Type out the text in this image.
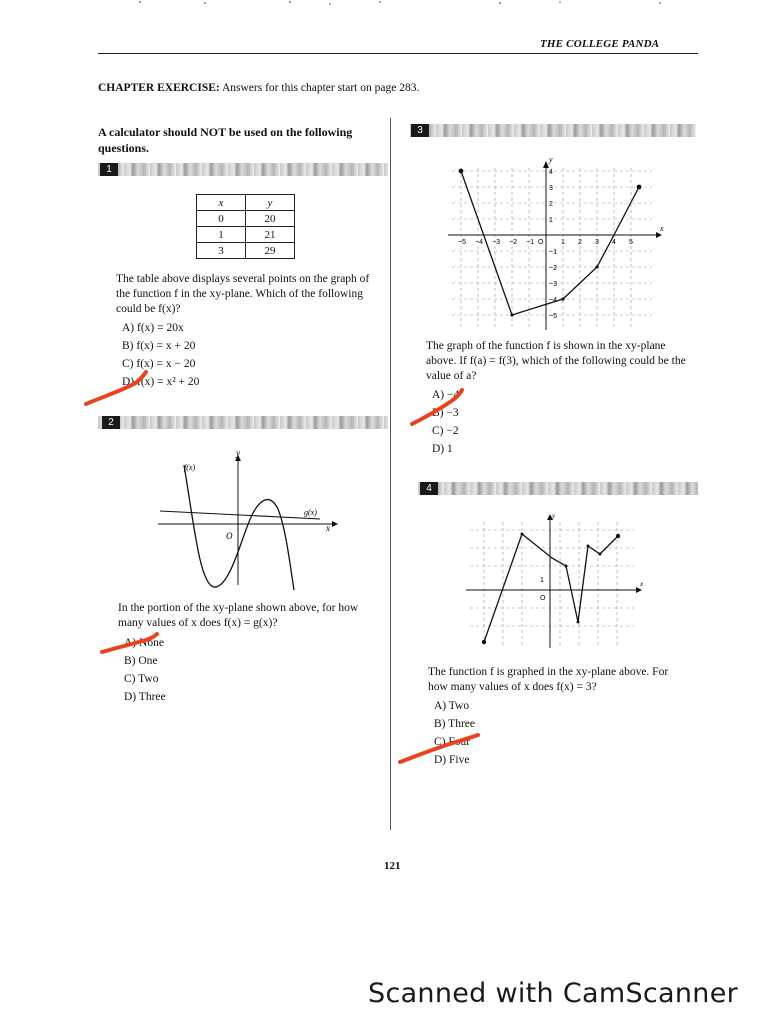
THE COLLEGE PANDA
CHAPTER EXERCISE: Answers for this chapter start on page 283.
A calculator should NOT be used on the following questions.
1
x	y
0	20
1	21
3	29
The table above displays several points on the graph of the function f in the xy-plane. Which of the following could be f(x)?
A) f(x) = 20x
B) f(x) = x + 20
C) f(x) = x − 20
D) f(x) = x² + 20
2
f(x)
g(x)
y
x
O
In the portion of the xy-plane shown above, for how many values of x does f(x) = g(x)?
A) None
B) One
C) Two
D) Three
3
y
x
−5 −4 −3 −2 −1 O	1 2 3 4 5
4
3
2
1
−1
−2
−3
−4
−5
The graph of the function f is shown in the xy-plane above. If f(a) = f(3), which of the following could be the value of a?
A) −4
B) −3
C) −2
D) 1
4
y
x
1
O
The function f is graphed in the xy-plane above. For how many values of x does f(x) = 3?
A) Two
B) Three
C) Four
D) Five
121
Scanned with CamScanner
